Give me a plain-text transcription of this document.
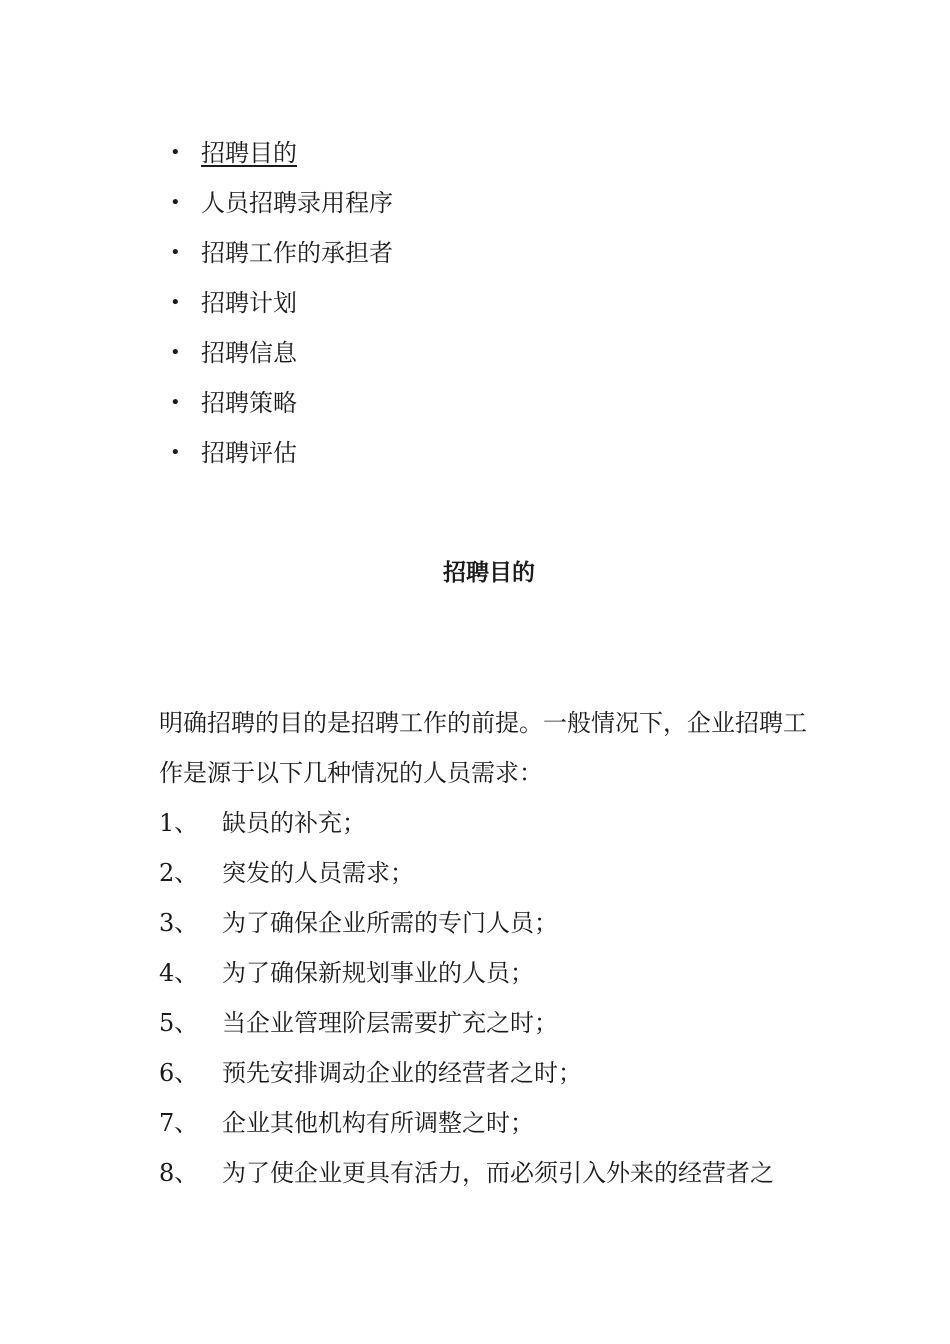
• 招聘目的
• 人员招聘录用程序
• 招聘工作的承担者
• 招聘计划
• 招聘信息
• 招聘策略
• 招聘评估
招聘目的

明确招聘的目的是招聘工作的前提。一般情况下，企业招聘工作是源于以下几种情况的人员需求：

1、 缺员的补充；
2、 突发的人员需求；
3、 为了确保企业所需的专门人员；
4、 为了确保新规划事业的人员；
5、 当企业管理阶层需要扩充之时；
6、 预先安排调动企业的经营者之时；
7、 企业其他机构有所调整之时；
8、 为了使企业更具有活力，而必须引入外来的经营者之
